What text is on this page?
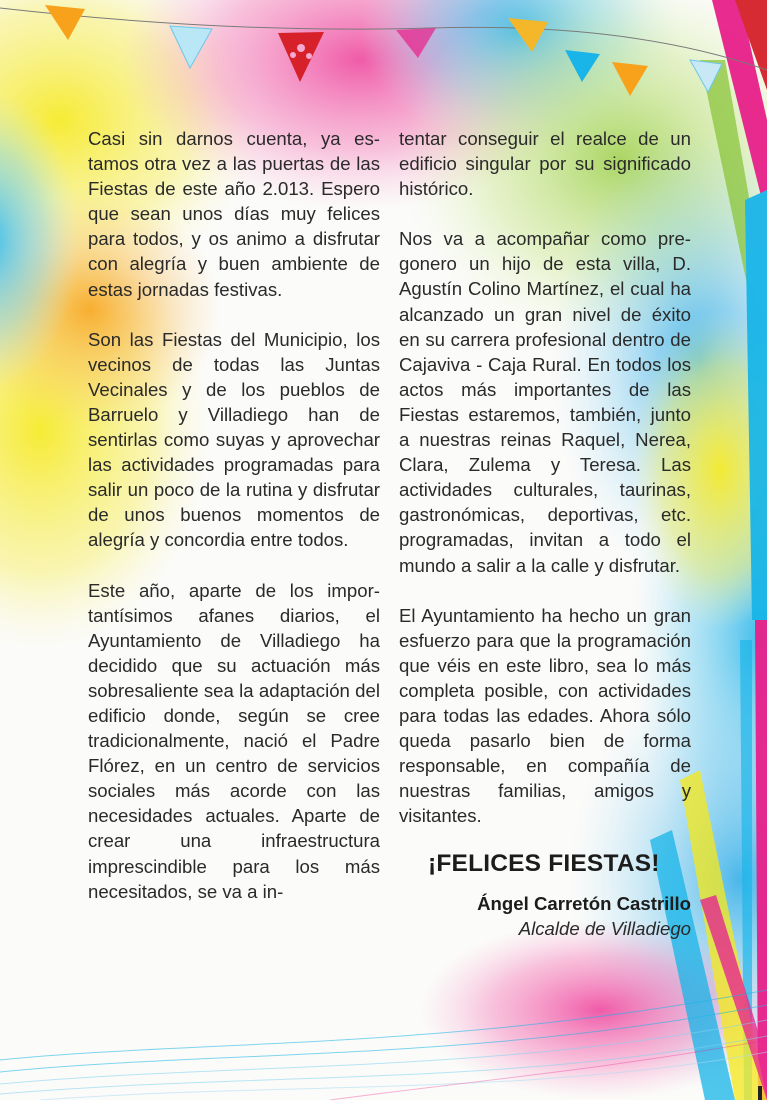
Casi sin darnos cuenta, ya estamos otra vez a las puertas de las Fiestas de este año 2.013. Espero que sean unos días muy felices para todos, y os animo a disfrutar con alegría y buen ambiente de estas jornadas festivas.

Son las Fiestas del Municipio, los vecinos de todas las Juntas Vecinales y de los pueblos de Barruelo y Villadiego han de sentirlas como suyas y aprovechar las actividades programadas para salir un poco de la rutina y disfrutar de unos buenos momentos de alegría y concordia entre todos.

Este año, aparte de los importantísimos afanes diarios, el Ayuntamiento de Villadiego ha decidido que su actuación más sobresaliente sea la adaptación del edificio donde, según se cree tradicionalmente, nació el Padre Flórez, en un centro de servicios sociales más acorde con las necesidades actuales. Aparte de crear una infraestructura imprescindible para los más necesitados, se va a in-

tentar conseguir el realce de un edificio singular por su significado histórico.

Nos va a acompañar como pregonero un hijo de esta villa, D. Agustín Colino Martínez, el cual ha alcanzado un gran nivel de éxito en su carrera profesional dentro de Cajaviva - Caja Rural. En todos los actos más importantes de las Fiestas estaremos, también, junto a nuestras reinas Raquel, Nerea, Clara, Zulema y Teresa. Las actividades culturales, taurinas, gastronómicas, deportivas, etc. programadas, invitan a todo el mundo a salir a la calle y disfrutar.

El Ayuntamiento ha hecho un gran esfuerzo para que la programación que véis en este libro, sea lo más completa posible, con actividades para todas las edades. Ahora sólo queda pasarlo bien de forma responsable, en compañía de nuestras familias, amigos y visitantes.

¡FELICES FIESTAS!
Ángel Carretón Castrillo
Alcalde de Villadiego
